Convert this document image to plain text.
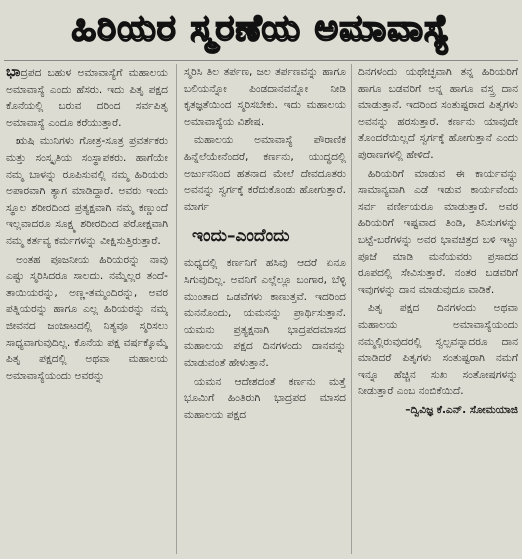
ಹಿರಿಯರ ಸ್ಮರಣೆಯ ಅಮಾವಾಸ್ಯೆ

ಭಾದ್ರಪದ ಬಹುಳ ಅಮಾವಾಸ್ಯೆಗೆ ಮಹಾಲಯ ಅಮಾವಾಸ್ಯೆ ಎಂದು ಹೆಸರು. ಇದು ಪಿತೃ ಪಕ್ಷದ ಕೊನೆಯಲ್ಲಿ ಬರುವ ದರಿಂದ ಸರ್ವಪಿತೃ ಅಮಾವಾಸ್ಯೆ ಎಂದೂ ಕರೆಯುತ್ತಾರೆ.

ಋಷಿ ಮುನಿಗಳು ಗೋತ್ರ-ಸೂತ್ರ ಪ್ರವರ್ತಕರು ಮತ್ತು ಸಂಸ್ಕೃತಿಯ ಸಂಸ್ಥಾಪಕರು. ಹಾಗೆಯೇ ನಮ್ಮ ಬಾಳನ್ನು ರೂಪಿಸುವಲ್ಲಿ ನಮ್ಮ ಹಿರಿಯರು ಅಪಾರವಾಗಿ ತ್ಯಾಗ ಮಾಡಿದ್ದಾರೆ. ಅವರು ಇಂದು ಸ್ಥೂಲ ಶರೀರದಿಂದ ಪ್ರತ್ಯಕ್ಷವಾಗಿ ನಮ್ಮ ಕಣ್ಣುಂದೆ ಇಲ್ಲವಾದರೂ ಸೂಕ್ಷ್ಮ ಶರೀರದಿಂದ ಪರೋಕ್ಷವಾಗಿ ನಮ್ಮ ಕರ್ತವ್ಯ ಕರ್ಮಗಳನ್ನು ವೀಕ್ಷಿಸುತ್ತಿರುತ್ತಾರೆ.

ಅಂತಹ ಪೂಜನೀಯ ಹಿರಿಯರನ್ನು ನಾವು ಎಷ್ಟು ಸ್ಮರಿಸಿದರೂ ಸಾಲದು. ನಮ್ಮೆಲ್ಲರ ತಂದೆ-ತಾಯಿಯರನ್ನು, ಅಣ್ಣ-ತಮ್ಮಂದಿರನ್ನು, ಅವರ ಪತ್ನಿಯರನ್ನು ಹಾಗೂ ಎಲ್ಲ ಹಿರಿಯರನ್ನು ನಮ್ಮ ಜೀವನದ ಜಂಜಾಟದಲ್ಲಿ ನಿತ್ಯವೂ ಸ್ಮರಿಸಲು ಸಾಧ್ಯವಾಗುವುದಿಲ್ಲ. ಕೊನೆಯ ಪಕ್ಷ ವರ್ಷಕ್ಕೊಮ್ಮೆ ಪಿತೃ ಪಕ್ಷದಲ್ಲಿ ಅಥವಾ ಮಹಾಲಯ ಅಮಾವಾಸ್ಯೆಯಂದು ಅವರನ್ನು

ಸ್ಮರಿಸಿ ತಿಲ ತರ್ಪಣ, ಜಲ ತರ್ಪಣವನ್ನು ಹಾಗೂ ಬಲಿಯನ್ನೋ ಪಿಂಡದಾನವನ್ನೋ ನೀಡಿ ಕೃತಜ್ಞತೆಯಿಂದ ಸ್ಮರಿಸಬೇಕು. ಇದು ಮಹಾಲಯ ಅಮಾವಾಸ್ಯೆಯ ವಿಶೇಷ.

ಮಹಾಲಯ ಅಮಾವಾಸ್ಯೆ ಪೌರಾಣಿಕ ಹಿನ್ನೆಲೆಯೇನೆಂದರೆ, ಕರ್ಣನು, ಯುದ್ಧದಲ್ಲಿ ಅರ್ಜುನನಿಂದ ಹತನಾದ ಮೇಲೆ ದೇವದೂತರು ಅವನನ್ನು ಸ್ವರ್ಗಕ್ಕೆ ಕರೆದುಕೊಂಡು ಹೋಗುತ್ತಾರೆ. ಮಾರ್ಗ

ಇಂದು–ಎಂದೆಂದು

ಮಧ್ಯದಲ್ಲಿ ಕರ್ಣನಿಗೆ ಹಸಿವು ಆದರೆ ಏನೂ ಸಿಗುವುದಿಲ್ಲ. ಅವನಿಗೆ ಎಲ್ಲೆಲ್ಲೂ ಬಂಗಾರ, ಬೆಳ್ಳಿ ಮುಂತಾದ ಒಡವೆಗಳು ಕಾಣುತ್ತವೆ. ಇದರಿಂದ ಮನನೊಂದು, ಯಮನನ್ನು ಪ್ರಾರ್ಥಿಸುತ್ತಾನೆ. ಯಮನು ಪ್ರತ್ಯಕ್ಷನಾಗಿ ಭಾದ್ರಪದಮಾಸದ ಮಹಾಲಯ ಪಕ್ಷದ ದಿನಗಳಂದು ದಾನವನ್ನು ಮಾಡುವಂತೆ ಹೇಳುತ್ತಾನೆ.

ಯಮನ ಆದೇಶದಂತೆ ಕರ್ಣನು ಮತ್ತೆ ಭೂಮಿಗೆ ಹಿಂತಿರುಗಿ ಭಾದ್ರಪದ ಮಾಸದ ಮಹಾಲಯ ಪಕ್ಷದ

ದಿನಗಳಂದು ಯಥೇಚ್ಛವಾಗಿ ತನ್ನ ಹಿರಿಯರಿಗೆ ಹಾಗೂ ಬಡವರಿಗೆ ಅನ್ನ ಹಾಗೂ ವಸ್ತ್ರ ದಾನ ಮಾಡುತ್ತಾನೆ. ಇದರಿಂದ ಸಂತುಷ್ಟರಾದ ಪಿತೃಗಳು ಅವನನ್ನು ಹರಸುತ್ತಾರೆ. ಕರ್ಣನು ಯಾವುದೇ ತೊಂದರೆಯಿಲ್ಲದೆ ಸ್ವರ್ಗಕ್ಕೆ ಹೋಗುತ್ತಾನೆ ಎಂದು ಪುರಾಣಗಳಲ್ಲಿ ಹೇಳಿದೆ.

ಹಿರಿಯರಿಗೆ ಮಾಡುವ ಈ ಕಾರ್ಯವನ್ನು ಸಾಮಾನ್ಯವಾಗಿ ಎಡೆ ಇಡುವ ಕಾರ್ಯವೆಂದು ಸರ್ವ ವರ್ಣೀಯರೂ ಮಾಡುತ್ತಾರೆ. ಅವರ ಹಿರಿಯರಿಗೆ ಇಷ್ಟವಾದ ತಿಂಡಿ, ತಿನಿಸುಗಳನ್ನು ಬಟ್ಟೆ-ಬರೆಗಳನ್ನು ಅವರ ಭಾವಚಿತ್ರದ ಬಳಿ ಇಟ್ಟು ಪೂಜೆ ಮಾಡಿ ಮನೆಯವರು ಪ್ರಸಾದದ ರೂಪದಲ್ಲಿ ಸೇವಿಸುತ್ತಾರೆ. ನಂತರ ಬಡವರಿಗೆ ಇವುಗಳನ್ನು ದಾನ ಮಾಡುವುದೂ ವಾಡಿಕೆ.

ಪಿತೃ ಪಕ್ಷದ ದಿನಗಳಂದು ಅಥವಾ ಮಹಾಲಯ ಅಮಾವಾಸ್ಯೆಯಂದು ನಮ್ಮಲ್ಲಿರುವುದರಲ್ಲಿ ಸ್ವಲ್ಪವನ್ನಾದರೂ ದಾನ ಮಾಡಿದರೆ ಪಿತೃಗಳು ಸಂತುಷ್ಟರಾಗಿ ನಮಗೆ ಇನ್ನೂ ಹೆಚ್ಚಿನ ಸುಖ ಸಂತೋಷಗಳನ್ನು ನೀಡುತ್ತಾರೆ ಎಂಬ ನಂಬಿಕೆಯಿದೆ.

–ದ್ವಿವಿಜ್ಞ ಕೆ.ಎನ್. ಸೋಮಯಾಜಿ
